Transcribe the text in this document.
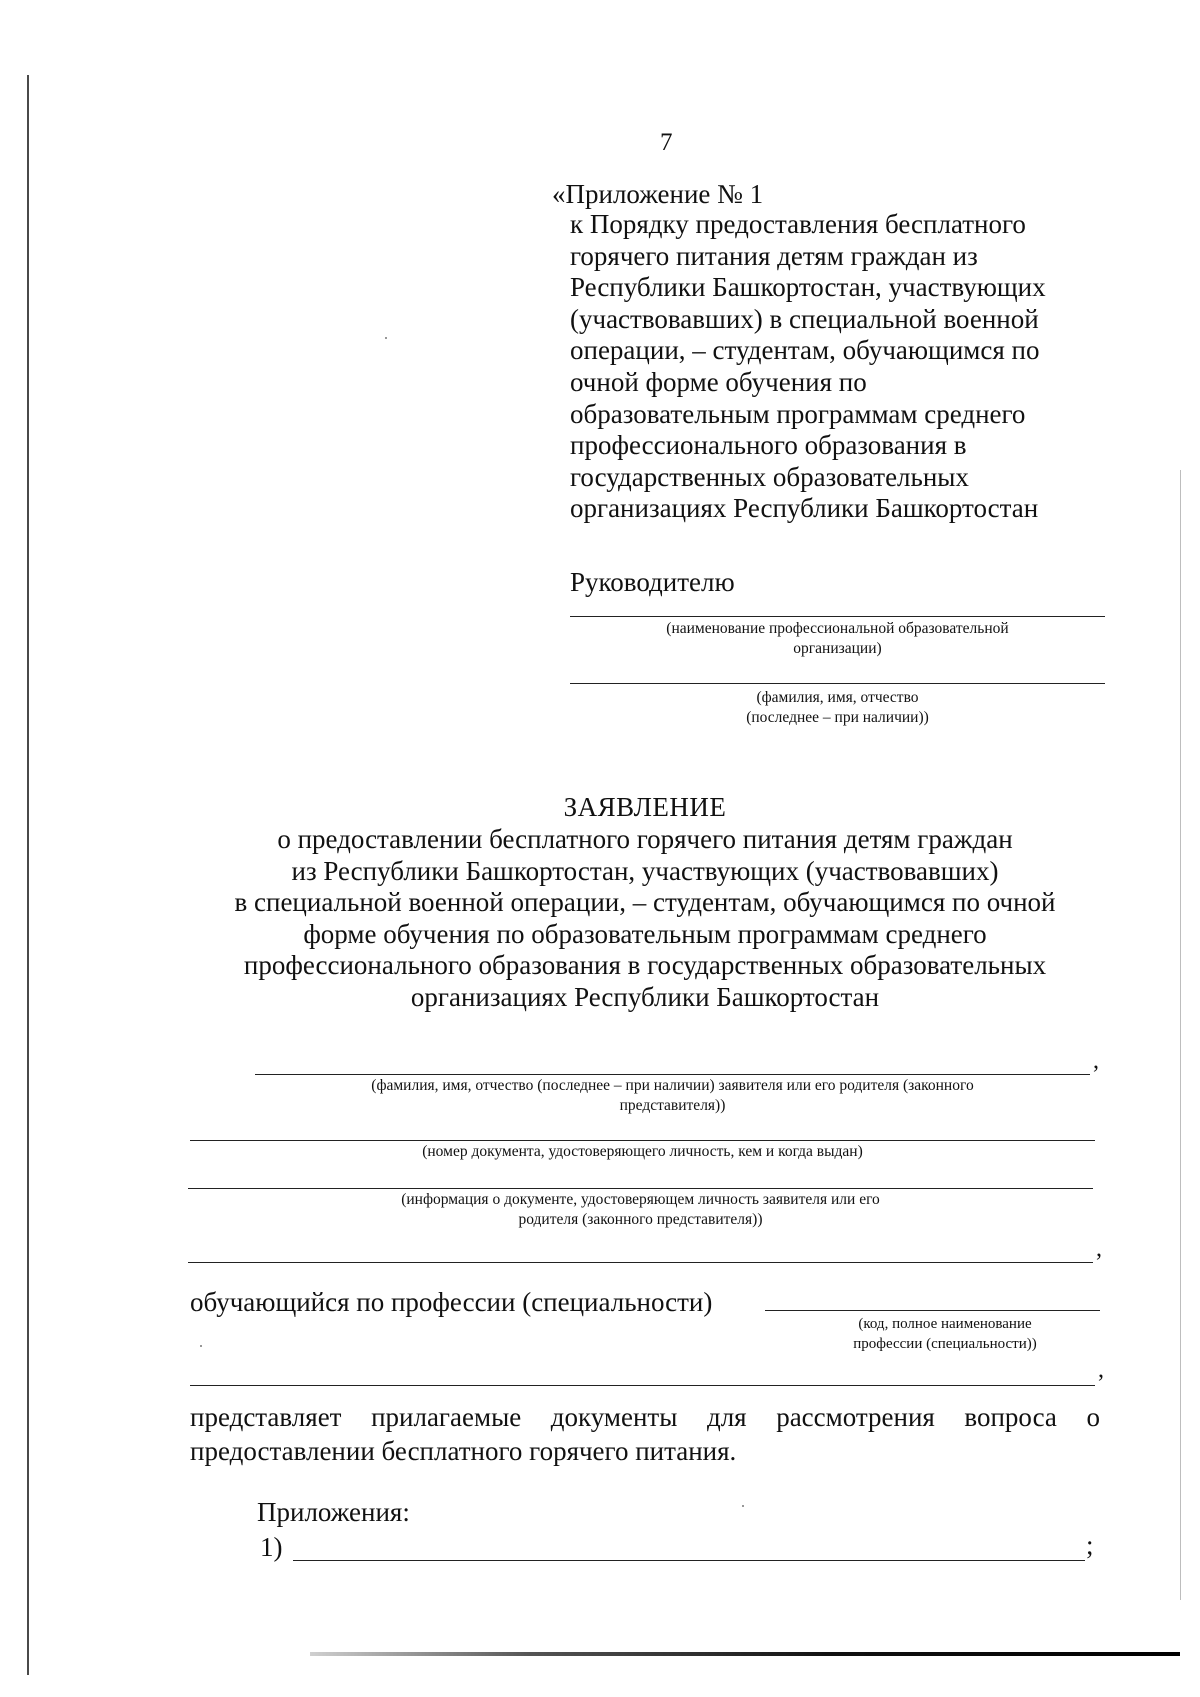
7
«Приложение № 1
к Порядку предоставления бесплатного
горячего питания детям граждан из
Республики Башкортостан, участвующих
(участвовавших) в специальной военной
операции, – студентам, обучающимся по
очной форме обучения по
образовательным программам среднего
профессионального образования в
государственных образовательных
организациях Республики Башкортостан
Руководителю
(наименование профессиональной образовательной
организации)
(фамилия, имя, отчество
(последнее – при наличии))
ЗАЯВЛЕНИЕ
о предоставлении бесплатного горячего питания детям граждан
из Республики Башкортостан, участвующих (участвовавших)
в специальной военной операции, – студентам, обучающимся по очной
форме обучения по образовательным программам среднего
профессионального образования в государственных образовательных
организациях Республики Башкортостан
,
(фамилия, имя, отчество (последнее – при наличии) заявителя или его родителя (законного
представителя))
(номер документа, удостоверяющего личность, кем и когда выдан)
(информация о документе, удостоверяющем личность заявителя или его
родителя (законного представителя))
,
обучающийся по профессии (специальности)
(код, полное наименование
профессии (специальности))
,
представляет прилагаемые документы для рассмотрения вопроса о
предоставлении бесплатного горячего питания.
Приложения:
1)	;
